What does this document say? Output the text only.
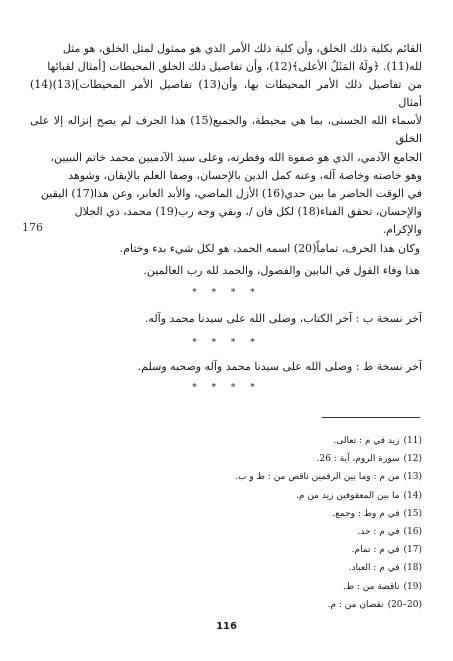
القائم بكلية ذلك الخلق، وأن كلية ذلك الأمر الذي هو ممثول لمثل الخلق، هو مثل

لله(11). ﴿ولَهُ المَثَلُ الأعلى﴾(12)، وأن تفاصيل ذلك الخلق المحيطات [أمثال لقبائها

من تفاصيل ذلك الأمر المحيطات بها، وأن(13) تفاصيل الأمر المحيطات](13)(14) أمثال

لأسماء الله الحسنى، بما هي محيطة، والجميع(15) هذا الحرف لم يصح إنزاله إلا على الخلق

الجامع الآدمي، الذي هو صفوة الله وفطرته، وعلى سيد الآدميين محمد خاتم النبيين،

وهو خاصته وخاصة آله، وعنه كمل الدين بالإحسان، وصفا العلم بالإيقان، وشوهد

في الوقت الحاضر ما بين حدي(16) الأزل الماضي، والأبد العابر، وعن هذا(17) اليقين

والإحسان، تحقق الفناء(18) لكل فان /، وبقي وجه رب(19) محمد، ذي الجلال

والإكرام.

176

وكان هذا الحرف، تماماً(20) اسمه الحمد، هو لكل شيء بدء وختام.

هذا وفاء القول في البابين والفصول، والحمد لله رب العالمين.

* * * *
آخر نسخة ب : آخر الكتاب، وصلى الله على سيدنا محمد وآله.
* * * *
آخر نسخة ط : وصلى الله على سيدنا محمد وآله وصحبه وسلم.
* * * *
(11)زيد في م : تعالى.
(12)سورة الروم، آية : 26.
(13)من م : وما بين الرقمين ناقص من : ط و ب.
(14)ما بين المعقوفين زيد من م.
(15)في م وط : وجمع.
(16)في م : حد.
(17)في م : تمام.
(18)في م : العباد.
(19)ناقصة من : ط.
(20–20)نقصان من : م.
116
